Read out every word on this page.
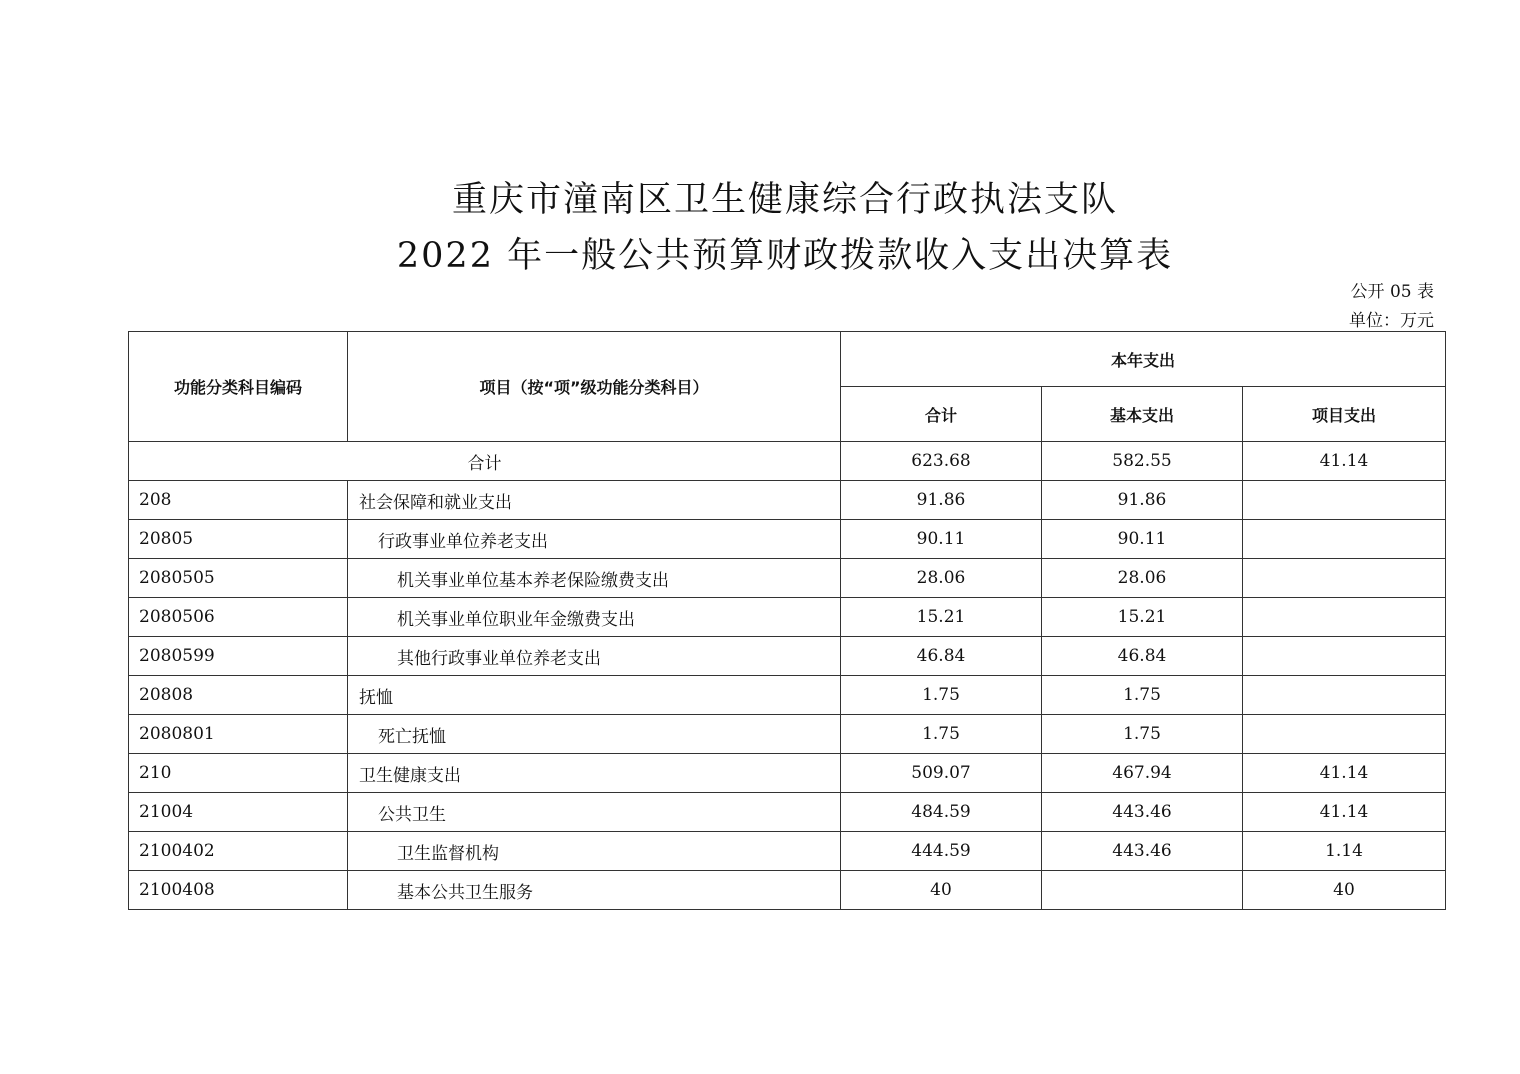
重庆市潼南区卫生健康综合行政执法支队
2022 年一般公共预算财政拨款收入支出决算表
公开 05 表
单位：万元
功能分类科目编码	项目（按“项”级功能分类科目）	本年支出		
		合计	基本支出	项目支出
合计		623.68	582.55	41.14
208	社会保障和就业支出	91.86	91.86	
20805	行政事业单位养老支出	90.11	90.11	
2080505	机关事业单位基本养老保险缴费支出	28.06	28.06	
2080506	机关事业单位职业年金缴费支出	15.21	15.21	
2080599	其他行政事业单位养老支出	46.84	46.84	
20808	抚恤	1.75	1.75	
2080801	死亡抚恤	1.75	1.75	
210	卫生健康支出	509.07	467.94	41.14
21004	公共卫生	484.59	443.46	41.14
2100402	卫生监督机构	444.59	443.46	1.14
2100408	基本公共卫生服务	40		40
